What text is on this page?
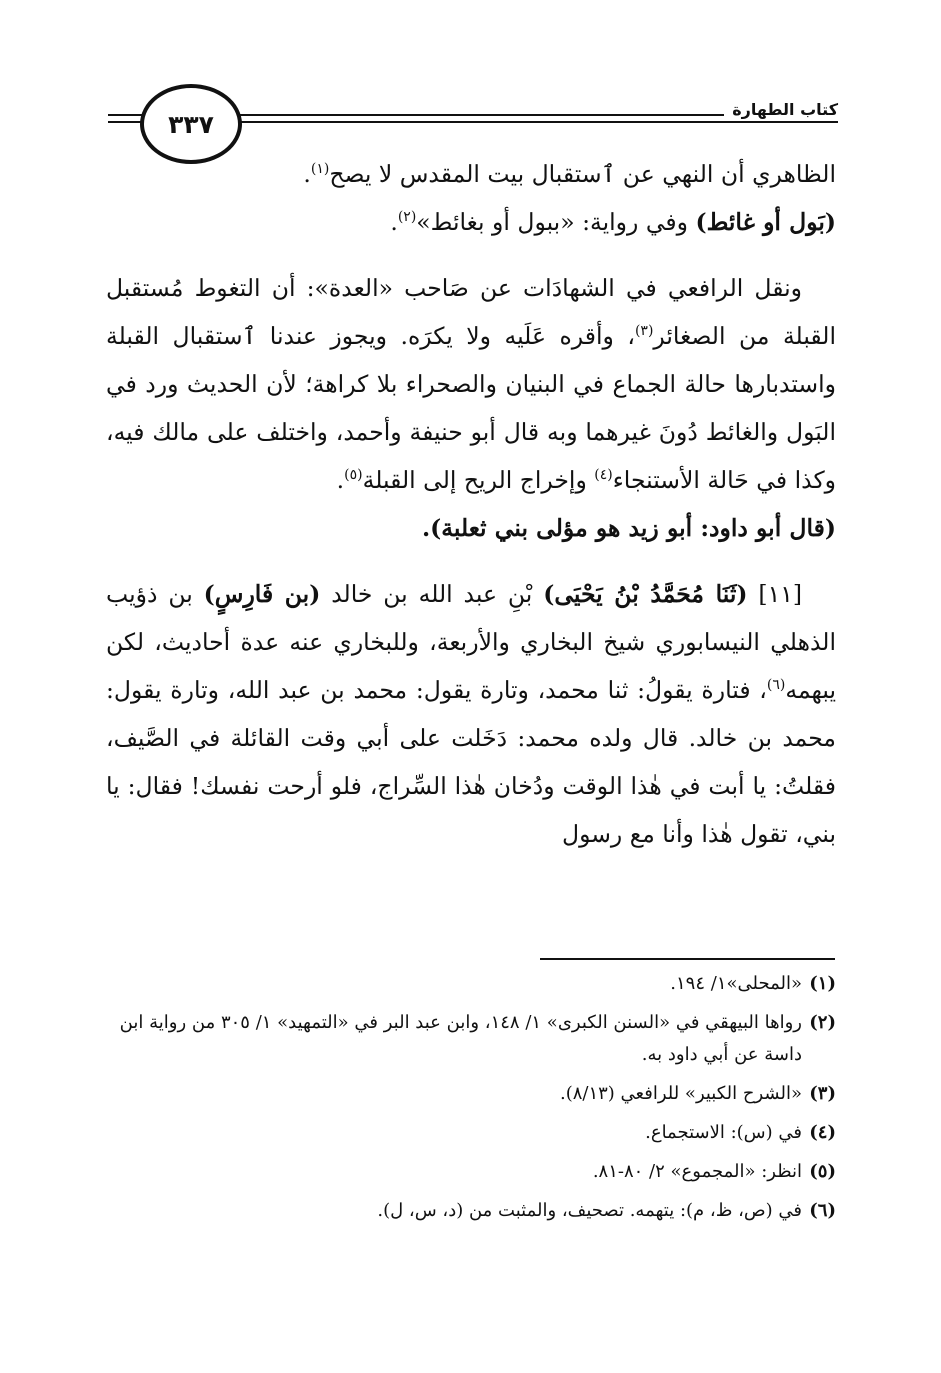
٣٣٧	كتاب الطهارة

الظاهري أن النهي عن ٱستقبال بيت المقدس لا يصح$^{(١)}$.

(بَول أو غائط) وفي رواية: «ببول أو بغائط»$^{(٢)}$.

ونقل الرافعي في الشهادَات عن صَاحب «العدة»: أن التغوط مُستقبل القبلة من الصغائر$^{(٣)}$، وأقره عَلَيه ولا يكرَه. ويجوز عندنا ٱستقبال القبلة واستدبارها حالة الجماع في البنيان والصحراء بلا كراهة؛ لأن الحديث ورد في البَول والغائط دُونَ غيرهما وبه قال أبو حنيفة وأحمد، واختلف على مالك فيه، وكذا في حَالة الأستنجاء$^{(٤)}$ وإخراج الريح إلى القبلة$^{(٥)}$.

(قال أبو داود: أبو زيد هو مؤلى بني ثعلبة).

[١١] (ثَنَا مُحَمَّدُ بْنُ يَحْيَى) بْنِ عبد الله بن خالد (بن فَارِسٍ) بن ذؤيب الذهلي النيسابوري شيخ البخاري والأربعة، وللبخاري عنه عدة أحاديث، لكن يبهمه$^{(٦)}$، فتارة يقولُ: ثنا محمد، وتارة يقول: محمد بن عبد الله، وتارة يقول: محمد بن خالد. قال ولده محمد: دَخَلت على أبي وقت القائلة في الصَّيف، فقلتُ: يا أبت في هٰذا الوقت ودُخان هٰذا السِّراج، فلو أرحت نفسك! فقال: يا بني، تقول هٰذا وأنا مع رسول

(١)
«المحلى»١/ ١٩٤.
(٢)
رواها البيهقي في «السنن الكبرى» ١/ ١٤٨، وابن عبد البر في «التمهيد» ١/ ٣٠٥ من رواية ابن داسة عن أبي داود به.
(٣)
«الشرح الكبير» للرافعي (٨/١٣).
(٤)
في (س): الاستجماع.
(٥)
انظر: «المجموع» ٢/ ٨٠-٨١.
(٦)
في (ص، ظ، م): يتهمه. تصحيف، والمثبت من (د، س، ل).
